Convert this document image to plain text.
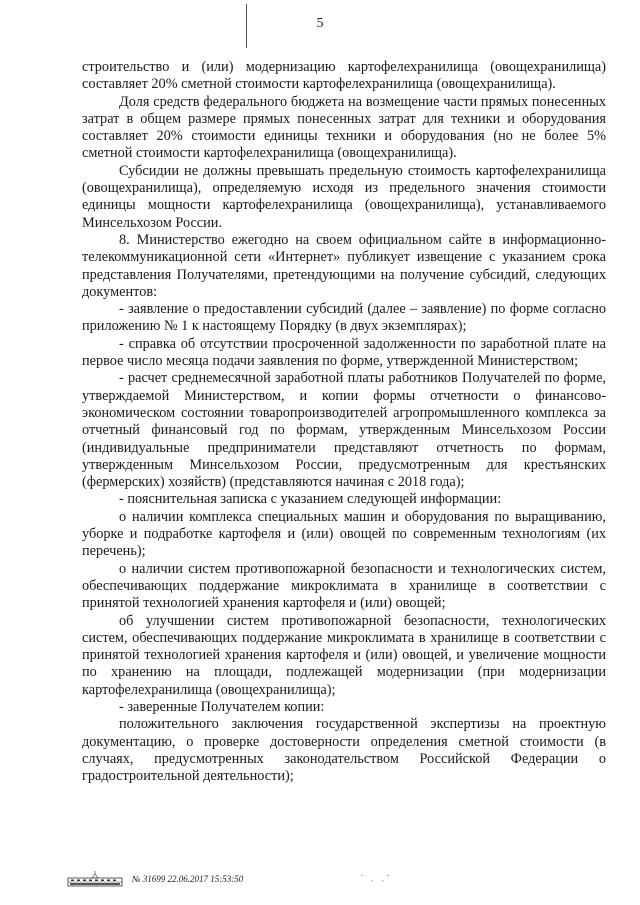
5

строительство и (или) модернизацию картофелехранилища (овощехранилища) составляет 20% сметной стоимости картофелехранилища (овощехранилища).

Доля средств федерального бюджета на возмещение части прямых понесенных затрат в общем размере прямых понесенных затрат для техники и оборудования составляет 20% стоимости единицы техники и оборудования (но не более 5% сметной стоимости картофелехранилища (овощехранилища).

Субсидии не должны превышать предельную стоимость картофелехранилища (овощехранилища), определяемую исходя из предельного значения стоимости единицы мощности картофелехранилища (овощехранилища), устанавливаемого Минсельхозом России.

8. Министерство ежегодно на своем официальном сайте в информационно-телекоммуникационной сети «Интернет» публикует извещение с указанием срока представления Получателями, претендующими на получение субсидий, следующих документов:

- заявление о предоставлении субсидий (далее – заявление) по форме согласно приложению № 1 к настоящему Порядку (в двух экземплярах);

- справка об отсутствии просроченной задолженности по заработной плате на первое число месяца подачи заявления по форме, утвержденной Министерством;

- расчет среднемесячной заработной платы работников Получателей по форме, утверждаемой Министерством, и копии формы отчетности о финансово-экономическом состоянии товаропроизводителей агропромышленного комплекса за отчетный финансовый год по формам, утвержденным Минсельхозом России (индивидуальные предприниматели представляют отчетность по формам, утвержденным Минсельхозом России, предусмотренным для крестьянских (фермерских) хозяйств) (представляются начиная с 2018 года);

- пояснительная записка с указанием следующей информации:

о наличии комплекса специальных машин и оборудования по выращиванию, уборке и подработке картофеля и (или) овощей по современным технологиям (их перечень);

о наличии систем противопожарной безопасности и технологических систем, обеспечивающих поддержание микроклимата в хранилище в соответствии с принятой технологией хранения картофеля и (или) овощей;

об улучшении систем противопожарной безопасности, технологических систем, обеспечивающих поддержание микроклимата в хранилище в соответствии с принятой технологией хранения картофеля и (или) овощей, и увеличение мощности по хранению на площади, подлежащей модернизации (при модернизации картофелехранилища (овощехранилища);

- заверенные Получателем копии:

положительного заключения государственной экспертизы на проектную документацию, о проверке достоверности определения сметной стоимости (в случаях, предусмотренных законодательством Российской Федерации о градостроительной деятельности);

№ 31699 22.06.2017 15:53:50	· ˎ ˎ·
